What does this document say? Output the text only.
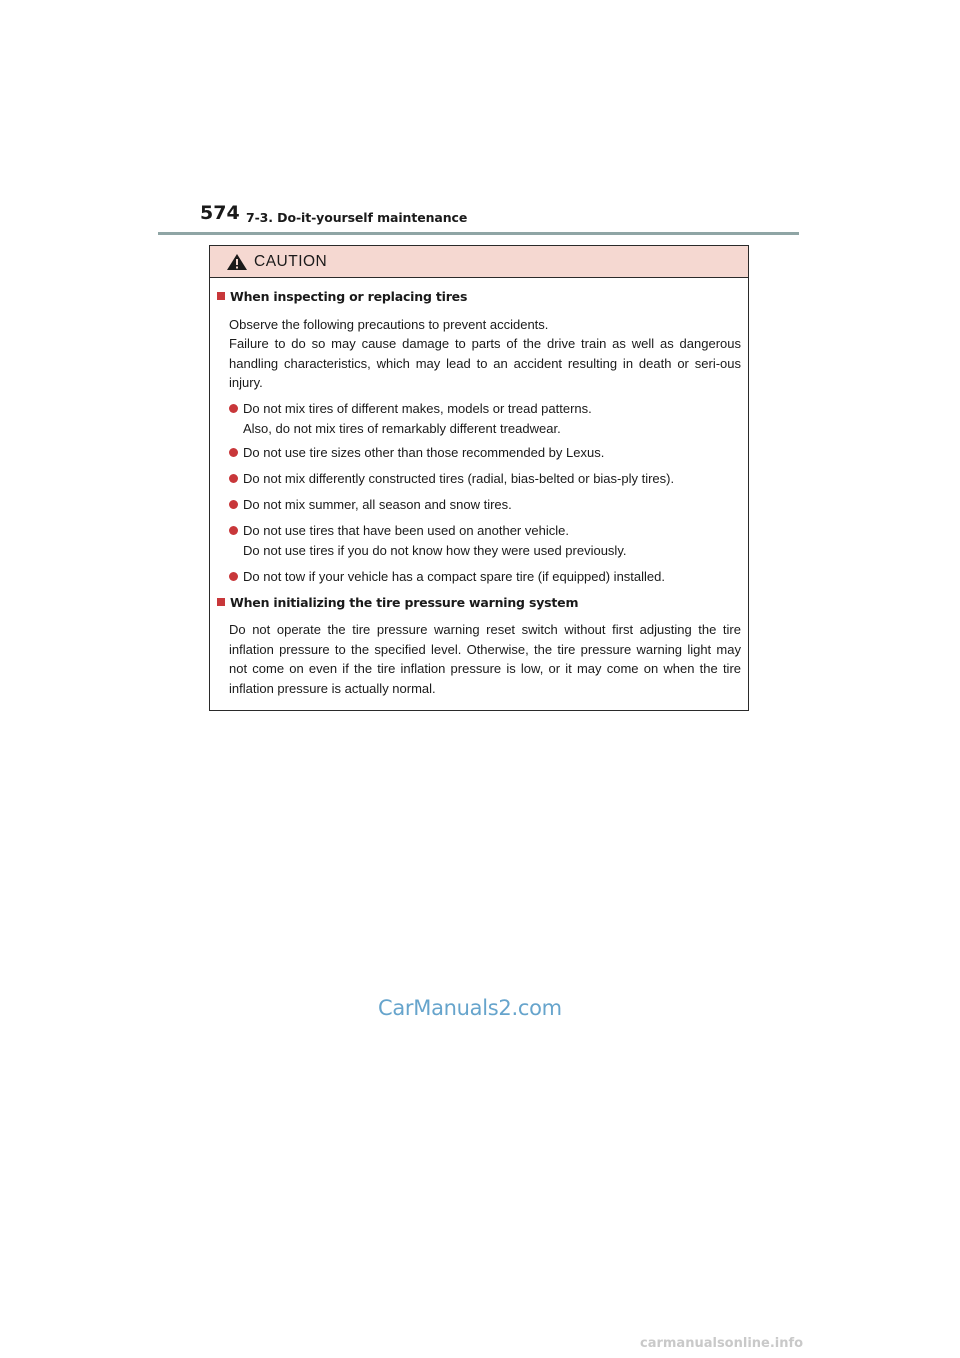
574 7-3. Do-it-yourself maintenance
CAUTION
When inspecting or replacing tires
Observe the following precautions to prevent accidents.
Failure to do so may cause damage to parts of the drive train as well as dangerous handling characteristics, which may lead to an accident resulting in death or seri-ous injury.
Do not mix tires of different makes, models or tread patterns.
Also, do not mix tires of remarkably different treadwear.
Do not use tire sizes other than those recommended by Lexus.
Do not mix differently constructed tires (radial, bias-belted or bias-ply tires).
Do not mix summer, all season and snow tires.
Do not use tires that have been used on another vehicle.
Do not use tires if you do not know how they were used previously.
Do not tow if your vehicle has a compact spare tire (if equipped) installed.
When initializing the tire pressure warning system
Do not operate the tire pressure warning reset switch without first adjusting the tire inflation pressure to the specified level. Otherwise, the tire pressure warning light may not come on even if the tire inflation pressure is low, or it may come on when the tire inflation pressure is actually normal.
CarManuals2.com
carmanualsonline.info
